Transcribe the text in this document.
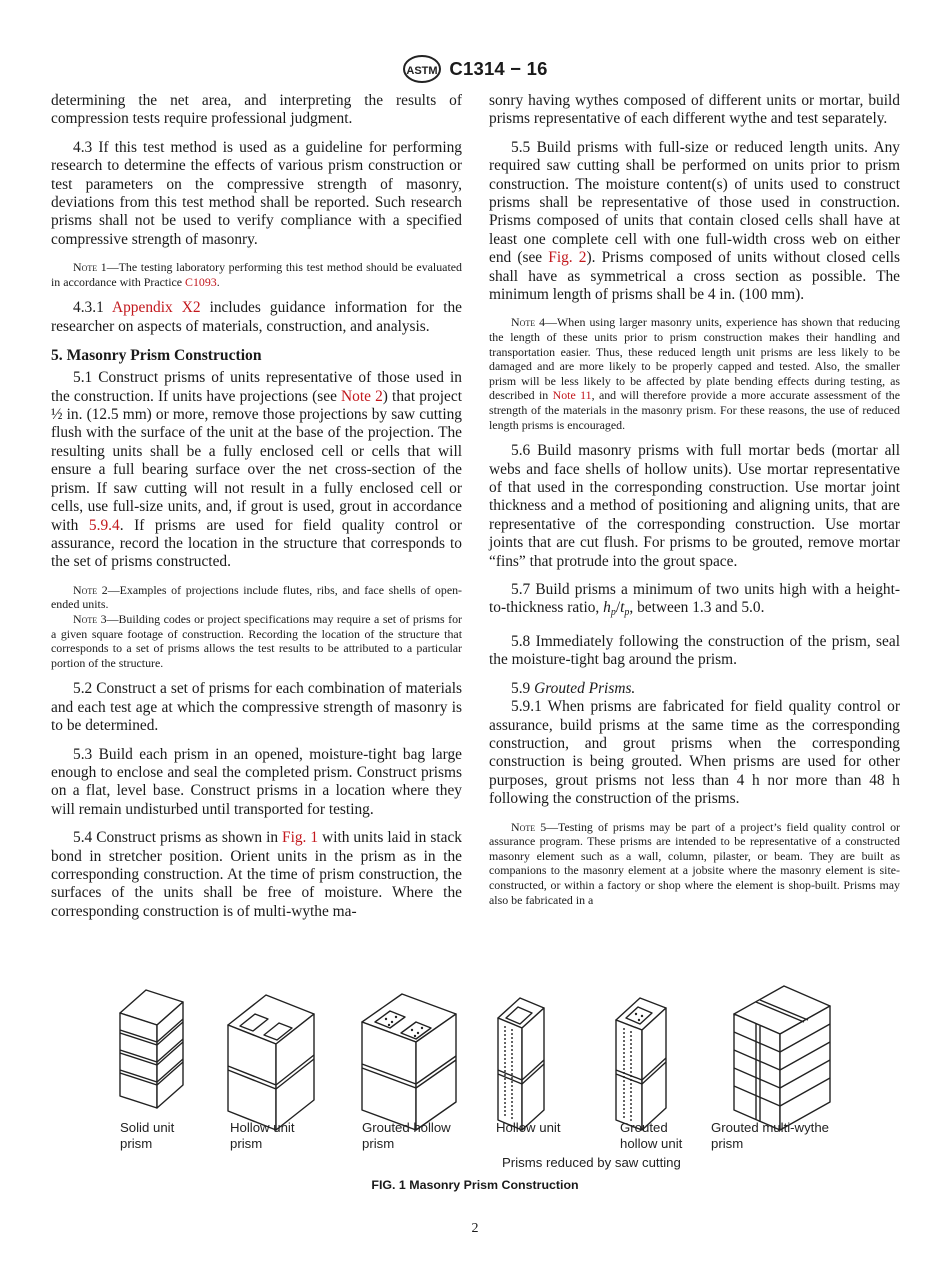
ASTM C1314 − 16

determining the net area, and interpreting the results of compression tests require professional judgment.

4.3 If this test method is used as a guideline for performing research to determine the effects of various prism construction or test parameters on the compressive strength of masonry, deviations from this test method shall be reported. Such research prisms shall not be used to verify compliance with a specified compressive strength of masonry.

Note 1—The testing laboratory performing this test method should be evaluated in accordance with Practice C1093.

4.3.1 Appendix X2 includes guidance information for the researcher on aspects of materials, construction, and analysis.

5. Masonry Prism Construction

5.1 Construct prisms of units representative of those used in the construction. If units have projections (see Note 2) that project ½ in. (12.5 mm) or more, remove those projections by saw cutting flush with the surface of the unit at the base of the projection. The resulting units shall be a fully enclosed cell or cells that will ensure a full bearing surface over the net cross-section of the prism. If saw cutting will not result in a fully enclosed cell or cells, use full-size units, and, if grout is used, grout in accordance with 5.9.4. If prisms are used for field quality control or assurance, record the location in the structure that corresponds to the set of prisms constructed.

Note 2—Examples of projections include flutes, ribs, and face shells of open-ended units.

Note 3—Building codes or project specifications may require a set of prisms for a given square footage of construction. Recording the location of the structure that corresponds to a set of prisms allows the test results to be attributed to a particular portion of the structure.

5.2 Construct a set of prisms for each combination of materials and each test age at which the compressive strength of masonry is to be determined.

5.3 Build each prism in an opened, moisture-tight bag large enough to enclose and seal the completed prism. Construct prisms on a flat, level base. Construct prisms in a location where they will remain undisturbed until transported for testing.

5.4 Construct prisms as shown in Fig. 1 with units laid in stack bond in stretcher position. Orient units in the prism as in the corresponding construction. At the time of prism construction, the surfaces of the units shall be free of moisture. Where the corresponding construction is of multi-wythe ma-

sonry having wythes composed of different units or mortar, build prisms representative of each different wythe and test separately.

5.5 Build prisms with full-size or reduced length units. Any required saw cutting shall be performed on units prior to prism construction. The moisture content(s) of units used to construct prisms shall be representative of those used in construction. Prisms composed of units that contain closed cells shall have at least one complete cell with one full-width cross web on either end (see Fig. 2). Prisms composed of units without closed cells shall have as symmetrical a cross section as possible. The minimum length of prisms shall be 4 in. (100 mm).

Note 4—When using larger masonry units, experience has shown that reducing the length of these units prior to prism construction makes their handling and transportation easier. Thus, these reduced length unit prisms are less likely to be damaged and are more likely to be properly capped and tested. Also, the smaller prism will be less likely to be affected by plate bending effects during testing, as described in Note 11, and will therefore provide a more accurate assessment of the strength of the materials in the masonry prism. For these reasons, the use of reduced length prisms is encouraged.

5.6 Build masonry prisms with full mortar beds (mortar all webs and face shells of hollow units). Use mortar representative of that used in the corresponding construction. Use mortar joint thickness and a method of positioning and aligning units, that are representative of the corresponding construction. Use mortar joints that are cut flush. For prisms to be grouted, remove mortar “fins” that protrude into the grout space.

5.7 Build prisms a minimum of two units high with a height-to-thickness ratio, $h_p/t_p$, between 1.3 and 5.0.

5.8 Immediately following the construction of the prism, seal the moisture-tight bag around the prism.

5.9 Grouted Prisms.

5.9.1 When prisms are fabricated for field quality control or assurance, build prisms at the same time as the corresponding construction, and grout prisms when the corresponding construction is being grouted. When prisms are used for other purposes, grout prisms not less than 4 h nor more than 48 h following the construction of the prisms.

Note 5—Testing of prisms may be part of a project’s field quality control or assurance program. These prisms are intended to be representative of a constructed masonry element such as a wall, column, pilaster, or beam. They are built as companions to the masonry element at a jobsite where the masonry element is site-constructed, or within a factory or shop where the element is shop-built. Prisms may also be fabricated in a

Solid unit
prism
Hollow unit
prism
Grouted hollow
prism
Hollow unit	Grouted
hollow unit
Grouted multi-wythe
prism
Prisms reduced by saw cutting
FIG. 1 Masonry Prism Construction
2
